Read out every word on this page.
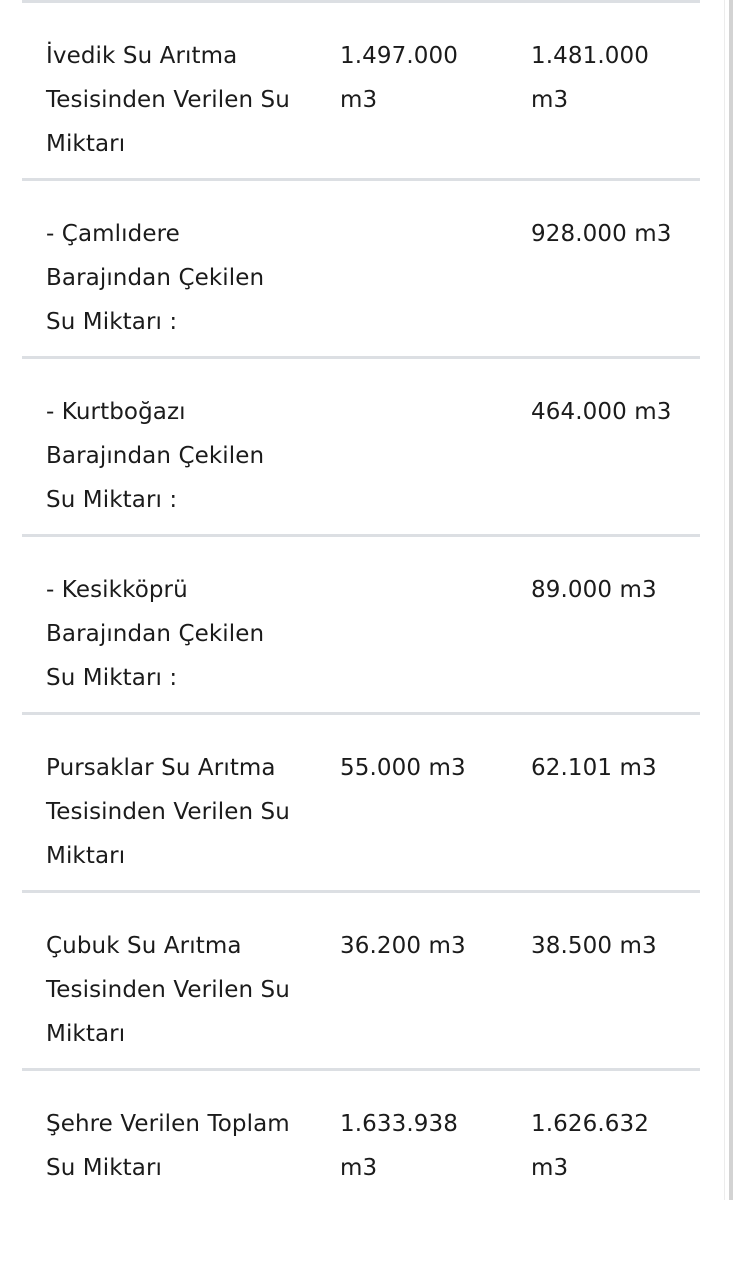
İvedik Su Arıtma Tesisinden Verilen Su Miktarı
1.497.000 m3
1.481.000 m3
- Çamlıdere Barajından Çekilen Su Miktarı :
928.000 m3
- Kurtboğazı Barajından Çekilen Su Miktarı :
464.000 m3
- Kesikköprü Barajından Çekilen Su Miktarı :
89.000 m3
Pursaklar Su Arıtma Tesisinden Verilen Su Miktarı
55.000 m3	62.101 m3
Çubuk Su Arıtma Tesisinden Verilen Su Miktarı
36.200 m3	38.500 m3
Şehre Verilen Toplam Su Miktarı
1.633.938 m3
1.626.632 m3
